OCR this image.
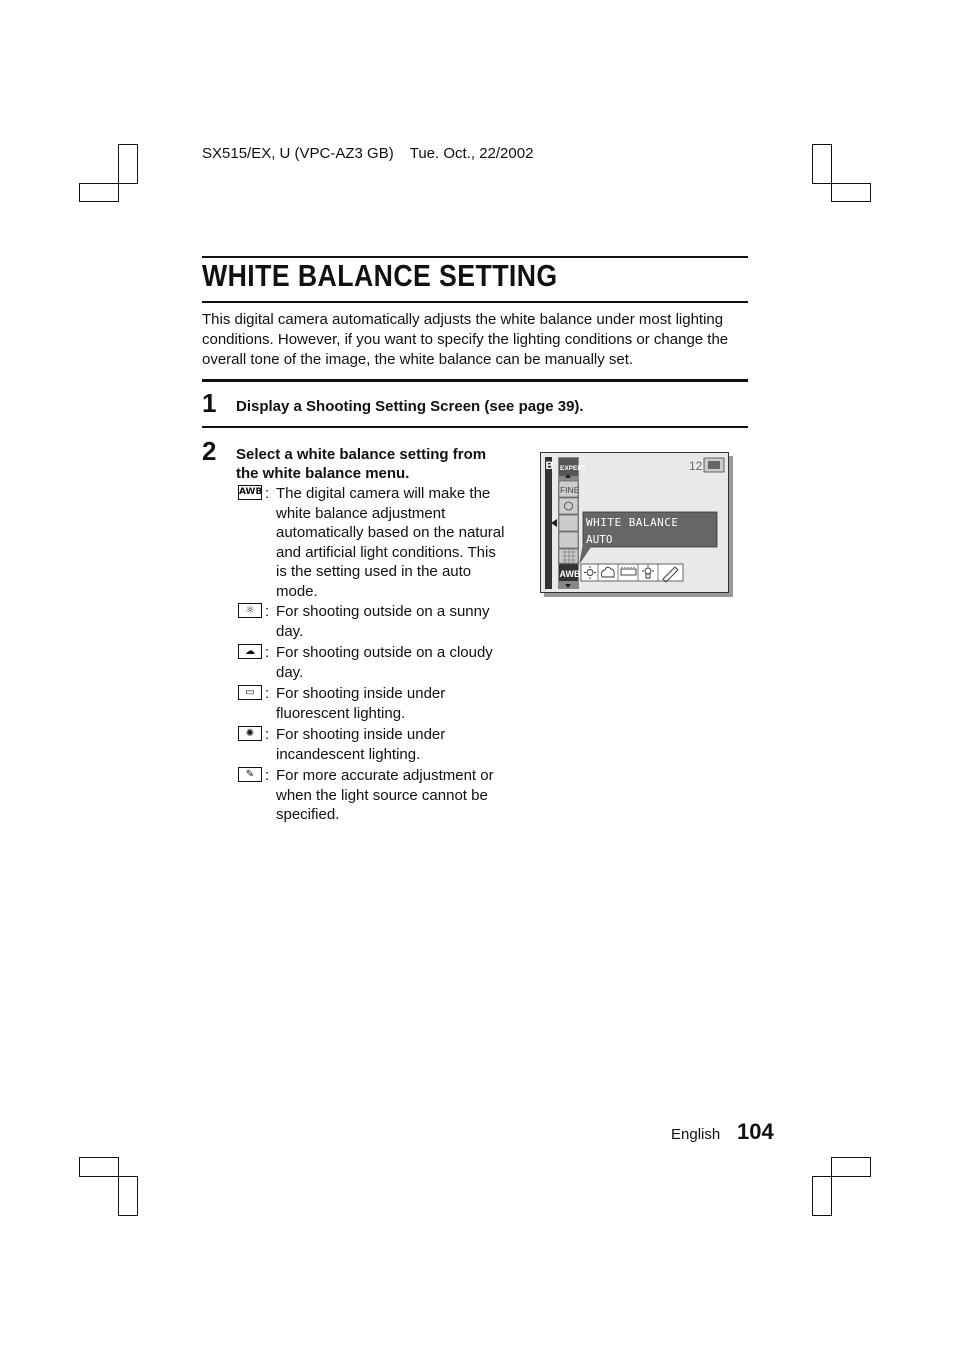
SX515/EX, U (VPC-AZ3 GB) Tue. Oct., 22/2002
WHITE BALANCE SETTING
This digital camera automatically adjusts the white balance under most lighting conditions. However, if you want to specify the lighting conditions or change the overall tone of the image, the white balance can be manually set.
1 Display a Shooting Setting Screen (see page 39).
2 Select a white balance setting from the white balance menu.
AWB : The digital camera will make the white balance adjustment automatically based on the natural and artificial light conditions. This is the setting used in the auto mode.
☼ : For shooting outside on a sunny day.
☁ : For shooting outside on a cloudy day.
▭ : For shooting inside under fluorescent lighting.
✺ : For shooting inside under incandescent lighting.
✎ : For more accurate adjustment or when the light source cannot be specified.
B EXPERT
FINE
AWB
12
WHITE BALANCE
AUTO
English 104
